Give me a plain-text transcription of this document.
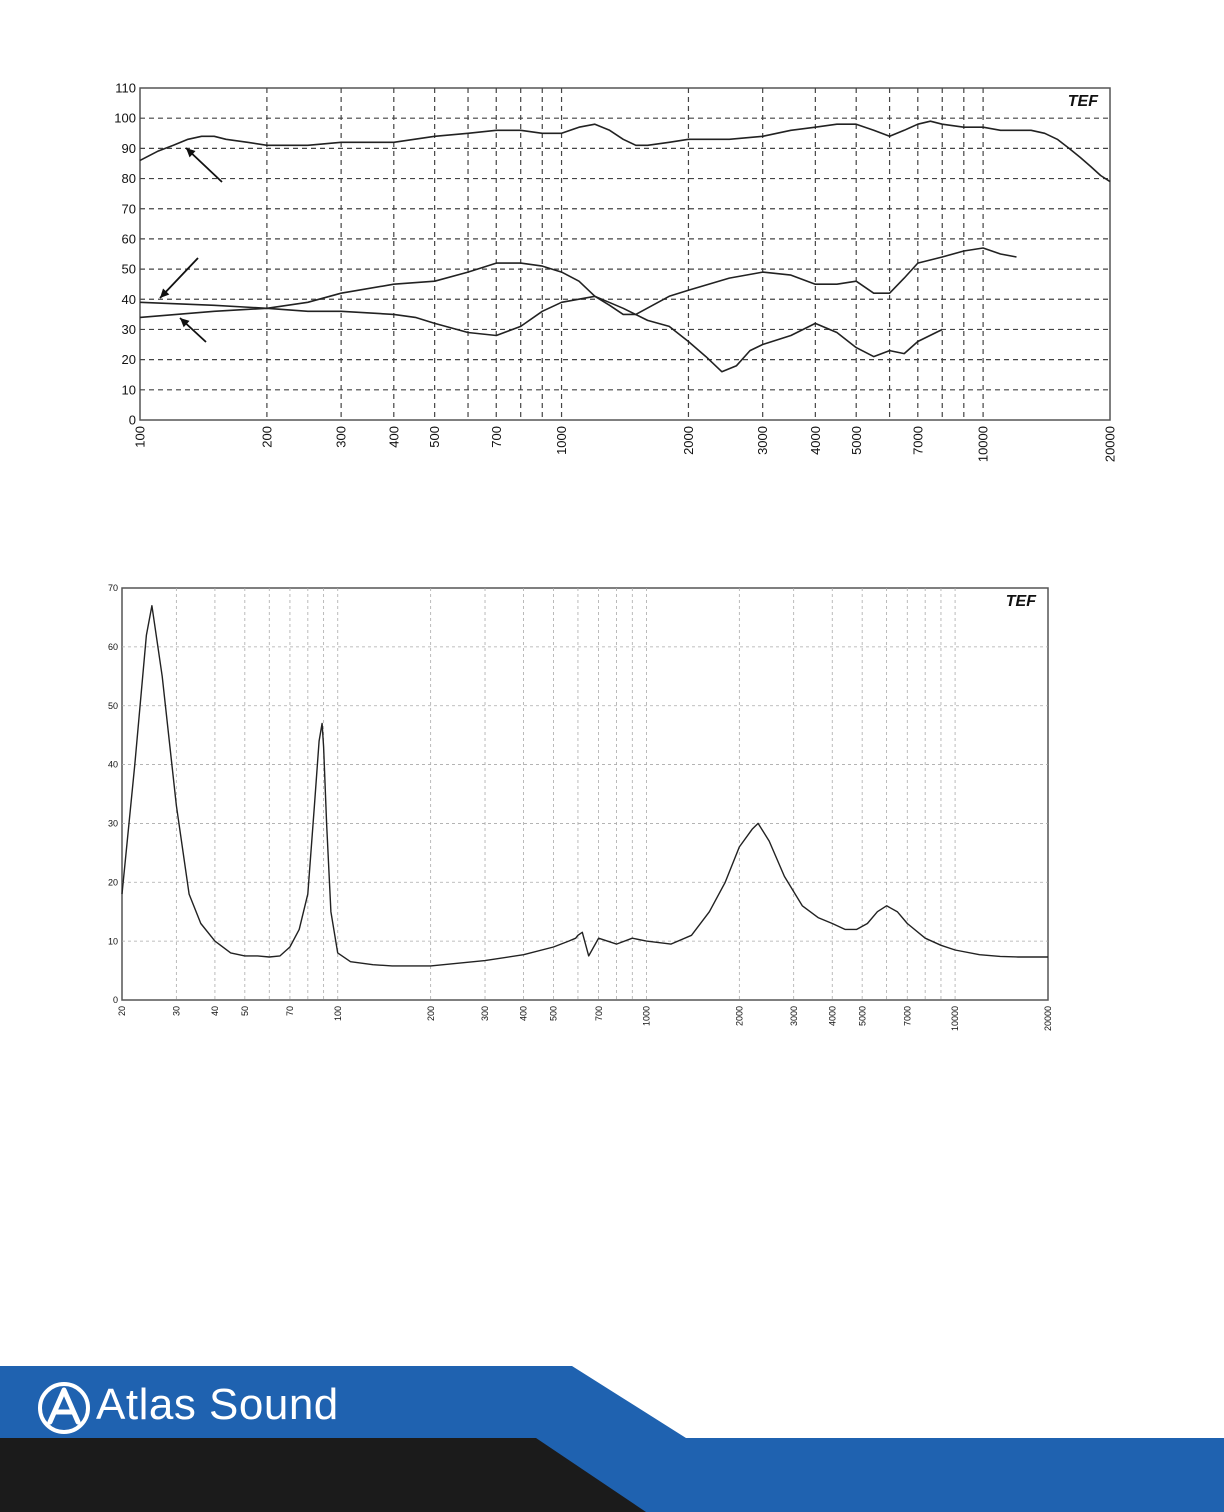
0
10
20
30
40
50
60
70
80
90
100
110
100	200	300	400 500	700	1000	2000	3000	4000 5000	7000	10000	20000
TEF
0
10
20
30
40
50
60
70
20	30	40 50	70	100	200	300	400 500	700	1000	2000	3000	4000 5000	7000	10000	20000
TEF
Atlas Sound
